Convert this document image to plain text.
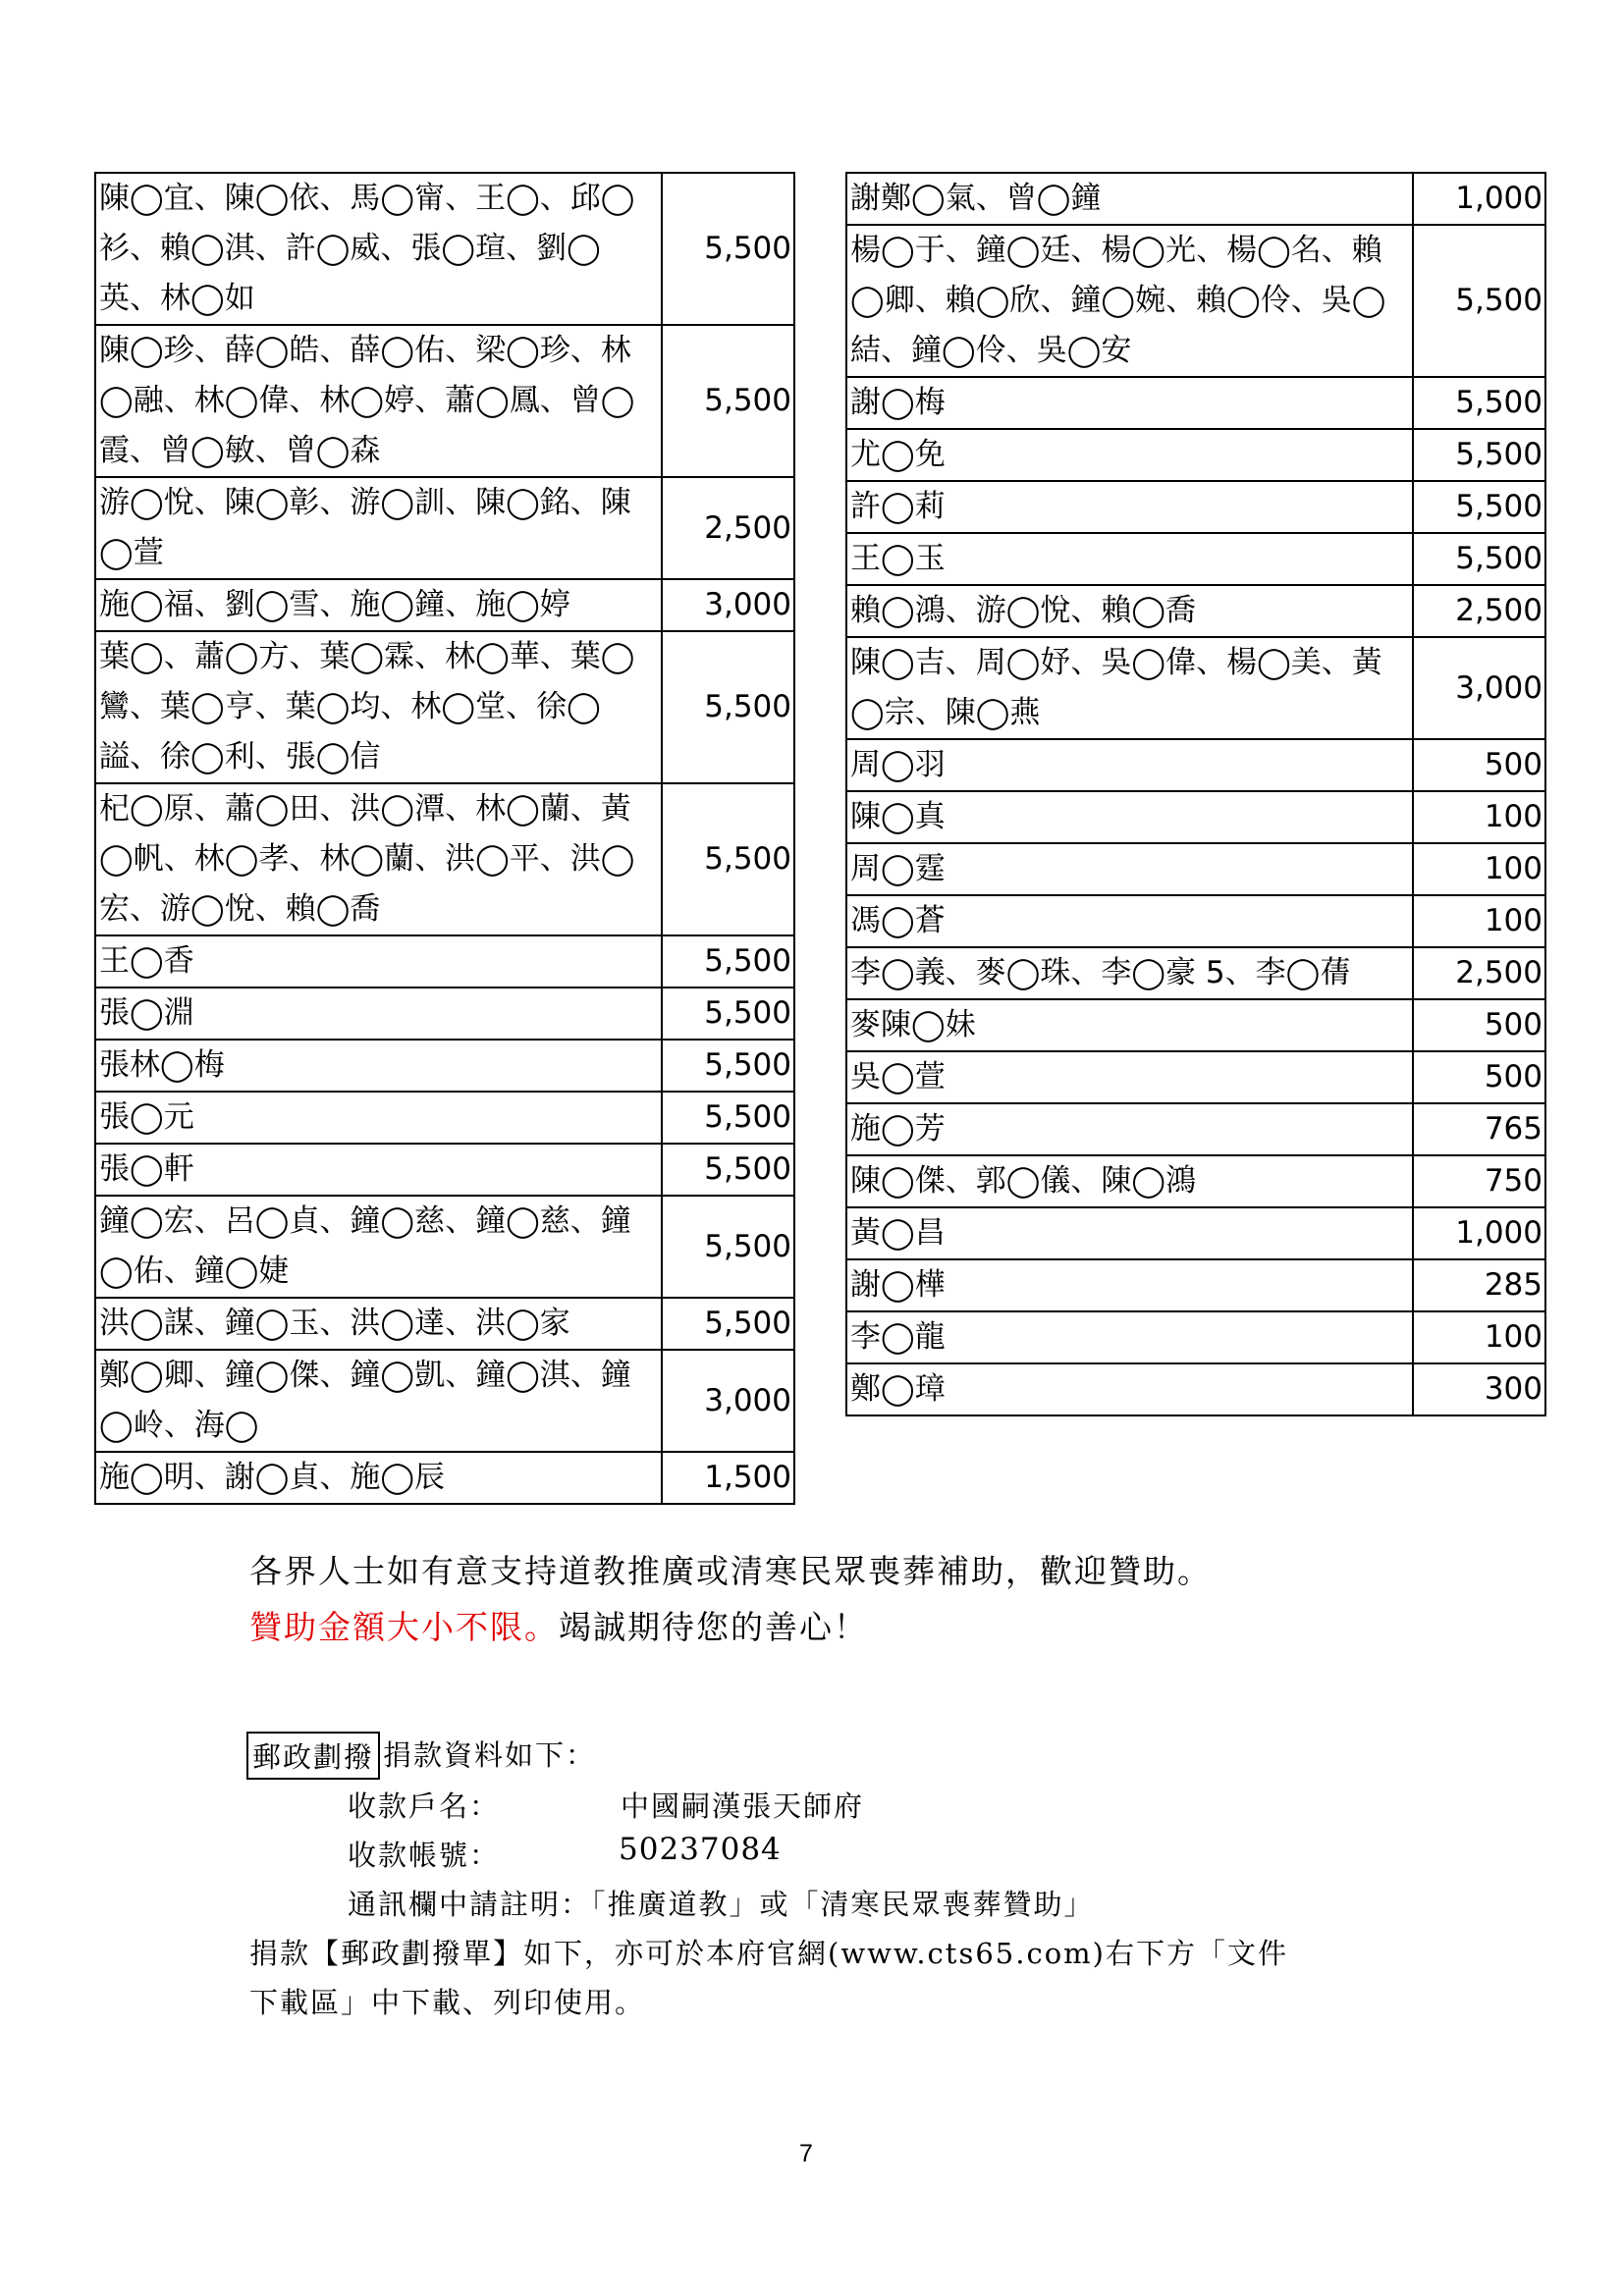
陳◯宜、陳◯依、馬◯甯、王◯、邱◯衫、賴◯淇、許◯威、張◯瑄、劉◯英、林◯如	5,500
陳◯珍、薛◯皓、薛◯佑、梁◯珍、林◯融、林◯偉、林◯婷、蕭◯鳳、曾◯霞、曾◯敏、曾◯森	5,500
游◯悅、陳◯彰、游◯訓、陳◯銘、陳◯萱	2,500
施◯福、劉◯雪、施◯鐘、施◯婷	3,000
葉◯、蕭◯方、葉◯霖、林◯華、葉◯鸞、葉◯亨、葉◯均、林◯堂、徐◯謚、徐◯利、張◯信	5,500
杞◯原、蕭◯田、洪◯潭、林◯蘭、黃◯帆、林◯孝、林◯蘭、洪◯平、洪◯宏、游◯悅、賴◯喬	5,500
王◯香	5,500
張◯淵	5,500
張林◯梅	5,500
張◯元	5,500
張◯軒	5,500
鐘◯宏、呂◯貞、鐘◯慈、鐘◯慈、鐘◯佑、鐘◯婕	5,500
洪◯謀、鐘◯玉、洪◯達、洪◯家	5,500
鄭◯卿、鐘◯傑、鐘◯凱、鐘◯淇、鐘◯岭、海◯	3,000
施◯明、謝◯貞、施◯辰	1,500
謝鄭◯氣、曾◯鐘	1,000
楊◯于、鐘◯廷、楊◯光、楊◯名、賴◯卿、賴◯欣、鐘◯婉、賴◯伶、吳◯結、鐘◯伶、吳◯安	5,500
謝◯梅	5,500
尤◯免	5,500
許◯莉	5,500
王◯玉	5,500
賴◯鴻、游◯悅、賴◯喬	2,500
陳◯吉、周◯妤、吳◯偉、楊◯美、黃◯宗、陳◯燕	3,000
周◯羽	500
陳◯真	100
周◯霆	100
馮◯蒼	100
李◯義、麥◯珠、李◯豪 5、李◯蒨	2,500
麥陳◯妹	500
吳◯萱	500
施◯芳	765
陳◯傑、郭◯儀、陳◯鴻	750
黃◯昌	1,000
謝◯樺	285
李◯龍	100
鄭◯璋	300
各界人士如有意支持道教推廣或清寒民眾喪葬補助，歡迎贊助。
贊助金額大小不限。竭誠期待您的善心！
郵政劃撥 捐款資料如下：
收款戶名：	中國嗣漢張天師府
收款帳號：	50237084
通訊欄中請註明：「推廣道教」或「清寒民眾喪葬贊助」
捐款【郵政劃撥單】如下，亦可於本府官網(www.cts65.com)右下方「文件
下載區」中下載、列印使用。
7
